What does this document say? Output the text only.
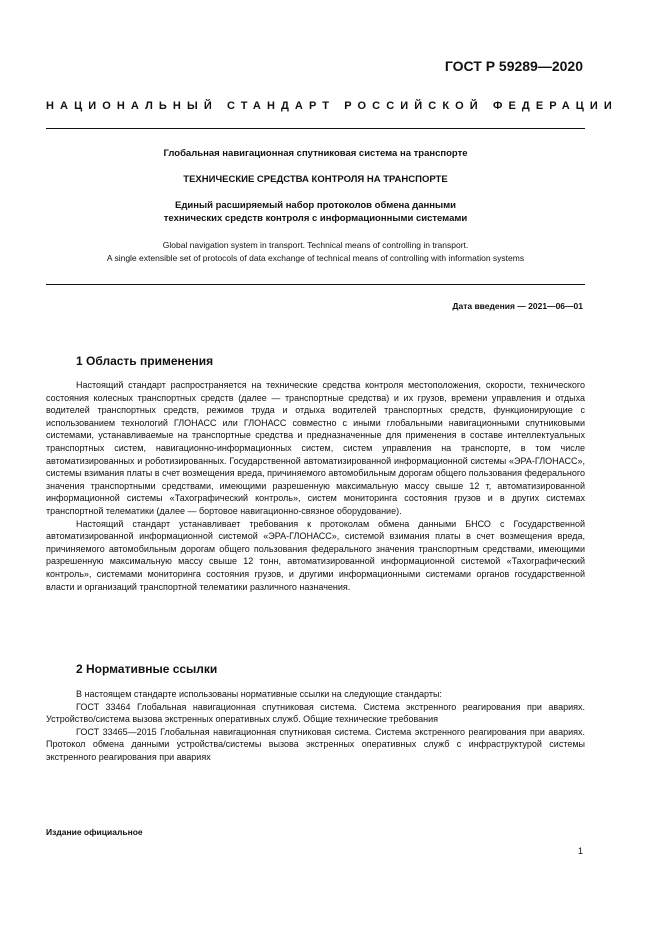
ГОСТ Р 59289—2020
НАЦИОНАЛЬНЫЙ СТАНДАРТ РОССИЙСКОЙ ФЕДЕРАЦИИ
Глобальная навигационная спутниковая система на транспорте
ТЕХНИЧЕСКИЕ СРЕДСТВА КОНТРОЛЯ НА ТРАНСПОРТЕ
Единый расширяемый набор протоколов обмена данными
технических средств контроля с информационными системами
Global navigation system in transport. Technical means of controlling in transport.
A single extensible set of protocols of data exchange of technical means of controlling with information systems
Дата введения — 2021—06—01
1 Область применения

Настоящий стандарт распространяется на технические средства контроля местоположения, скорости, технического состояния колесных транспортных средств (далее — транспортные средства) и их грузов, времени управления и отдыха водителей транспортных средств, режимов труда и отдыха водителей транспортных средств, функционирующие с использованием технологий ГЛОНАСС или ГЛОНАСС совместно с иными глобальными навигационными спутниковыми системами, устанавливаемые на транспортные средства и предназначенные для применения в составе интеллектуальных транспортных систем, навигационно-информационных систем, систем управления на транспорте, в том числе автоматизированных и роботизированных. Государственной автоматизированной информационной системы «ЭРА-ГЛОНАСС», системы взимания платы в счет возмещения вреда, причиняемого автомобильным дорогам общего пользования федерального значения транспортными средствами, имеющими разрешенную максимальную массу свыше 12 т, автоматизированной информационной системы «Тахографический контроль», систем мониторинга состояния грузов и в других системах транспортной телематики (далее — бортовое навигационно-связное оборудование).

Настоящий стандарт устанавливает требования к протоколам обмена данными БНСО с Государственной автоматизированной информационной системой «ЭРА-ГЛОНАСС», системой взимания платы в счет возмещения вреда, причиняемого автомобильным дорогам общего пользования федерального значения транспортным средствами, имеющими разрешенную максимальную массу свыше 12 тонн, автоматизированной информационной системой «Тахографический контроль», системами мониторинга состояния грузов, и другими информационными системами органов государственной власти и организаций транспортной телематики различного назначения.

2 Нормативные ссылки

В настоящем стандарте использованы нормативные ссылки на следующие стандарты:

ГОСТ 33464 Глобальная навигационная спутниковая система. Система экстренного реагирования при авариях. Устройство/система вызова экстренных оперативных служб. Общие технические требования

ГОСТ 33465—2015 Глобальная навигационная спутниковая система. Система экстренного реагирования при авариях. Протокол обмена данными устройства/системы вызова экстренных оперативных служб с инфраструктурой системы экстренного реагирования при авариях

Издание официальное
1
